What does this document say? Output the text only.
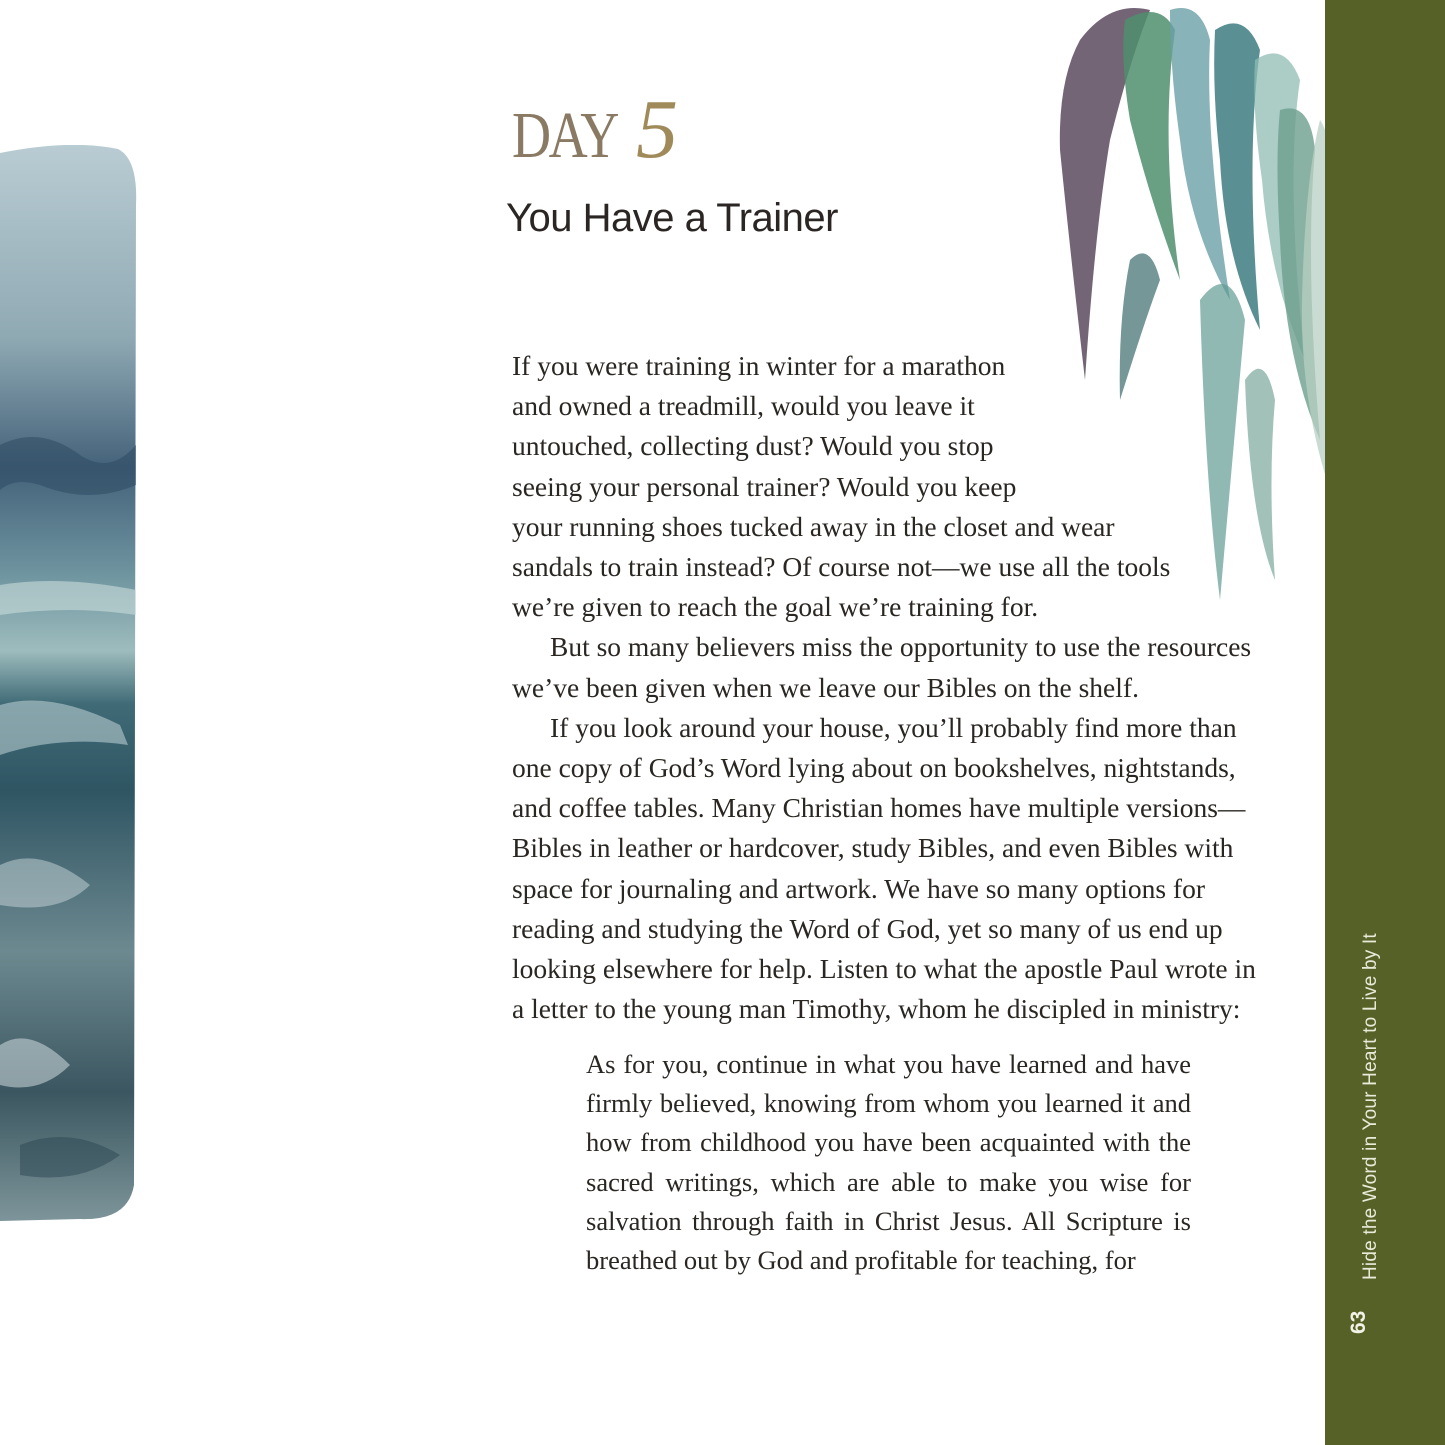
DAY 5
You Have a Trainer

If you were training in winter for a marathon
and owned a treadmill, would you leave it
untouched, collecting dust? Would you stop
seeing your personal trainer? Would you keep
your running shoes tucked away in the closet and wear
sandals to train instead? Of course not—we use all the tools
we’re given to reach the goal we’re training for.

But so many believers miss the opportunity to use the resources we’ve been given when we leave our Bibles on the shelf.

If you look around your house, you’ll probably find more than one copy of God’s Word lying about on bookshelves, nightstands, and coffee tables. Many Christian homes have multiple versions—Bibles in leather or hardcover, study Bibles, and even Bibles with space for journaling and artwork. We have so many options for reading and studying the Word of God, yet so many of us end up looking elsewhere for help. Listen to what the apostle Paul wrote in a letter to the young man Timothy, whom he discipled in ministry:

As for you, continue in what you have learned and have firmly believed, knowing from whom you learned it and how from childhood you have been acquainted with the sacred writings, which are able to make you wise for salvation through faith in Christ Jesus. All Scripture is breathed out by God and profitable for teaching, for	Hide the Word in Your Heart to Live by It
63
